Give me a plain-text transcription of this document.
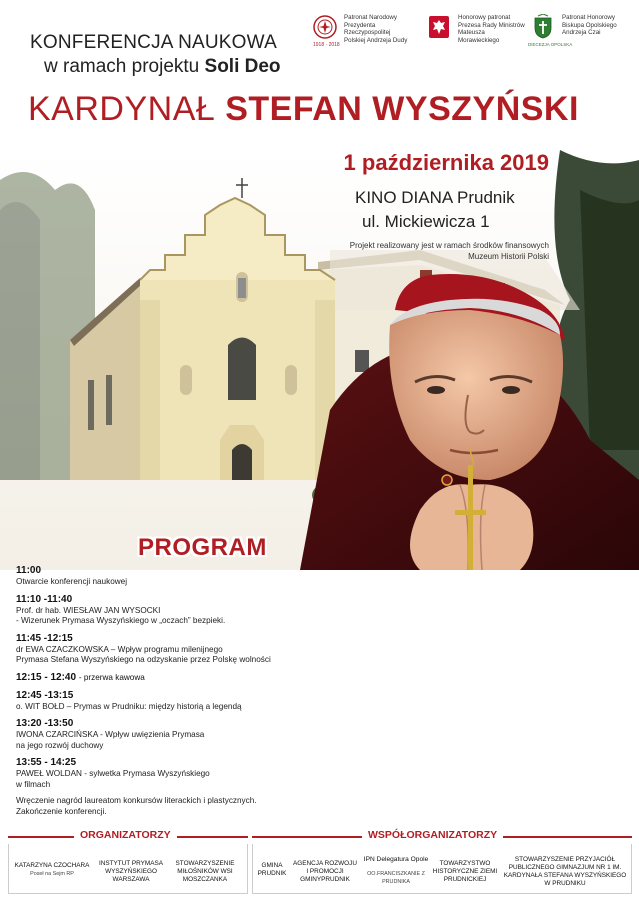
KONFERENCJA NAUKOWA
w ramach projektu Soli Deo
Patronat Narodowy Prezydenta Rzeczypospolitej Polskiej Andrzeja Dudy
1918 · 2018
Honorowy patronat Prezesa Rady Ministrów Mateusza Morawieckiego
Patronat Honorowy Biskupa Opolskiego Andrzeja Czai
DIECEZJA OPOLSKA
KARDYNAŁ STEFAN WYSZYŃSKI
1 października 2019
KINO DIANA Prudnik
ul. Mickiewicza 1
Projekt realizowany jest w ramach środków finansowych
Muzeum Historii Polski
PROGRAM
11:00
Otwarcie konferencji naukowej
11:10 -11:40
Prof. dr hab. WIESŁAW JAN WYSOCKI
- Wizerunek Prymasa Wyszyńskiego w „oczach” bezpieki.
11:45 -12:15
dr EWA CZACZKOWSKA – Wpływ programu milenijnego
Prymasa Stefana Wyszyńskiego na odzyskanie przez Polskę wolności
12:15 - 12:40 - przerwa kawowa
12:45 -13:15
o. WIT BOŁD – Prymas w Prudniku: między historią a legendą
13:20 -13:50
IWONA CZARCIŃSKA - Wpływ uwięzienia Prymasa
na jego rozwój duchowy
13:55 - 14:25
PAWEŁ WOLDAN - sylwetka Prymasa Wyszyńskiego
w filmach
Wręczenie nagród laureatom konkursów literackich i plastycznych.
Zakończenie konferencji.
ORGANIZATORZY	WSPÓŁORGANIZATORZY
KATARZYNA CZOCHARA
Poseł na Sejm RP
INSTYTUT PRYMASA WYSZYŃSKIEGO WARSZAWA
STOWARZYSZENIE MIŁOŚNIKÓW WSI MOSZCZANKA
GMINA PRUDNIK
AGENCJA ROZWOJU I PROMOCJI GMINYPRUDNIK
IPN Delegatura Opole
OO.FRANCISZKANIE Z PRUDNIKA
TOWARZYSTWO HISTORYCZNE ZIEMI PRUDNICKIEJ
STOWARZYSZENIE PRZYJACIÓŁ PUBLICZNEGO GIMNAZJUM NR 1 IM. KARDYNAŁA STEFANA WYSZYŃSKIEGO W PRUDNIKU
